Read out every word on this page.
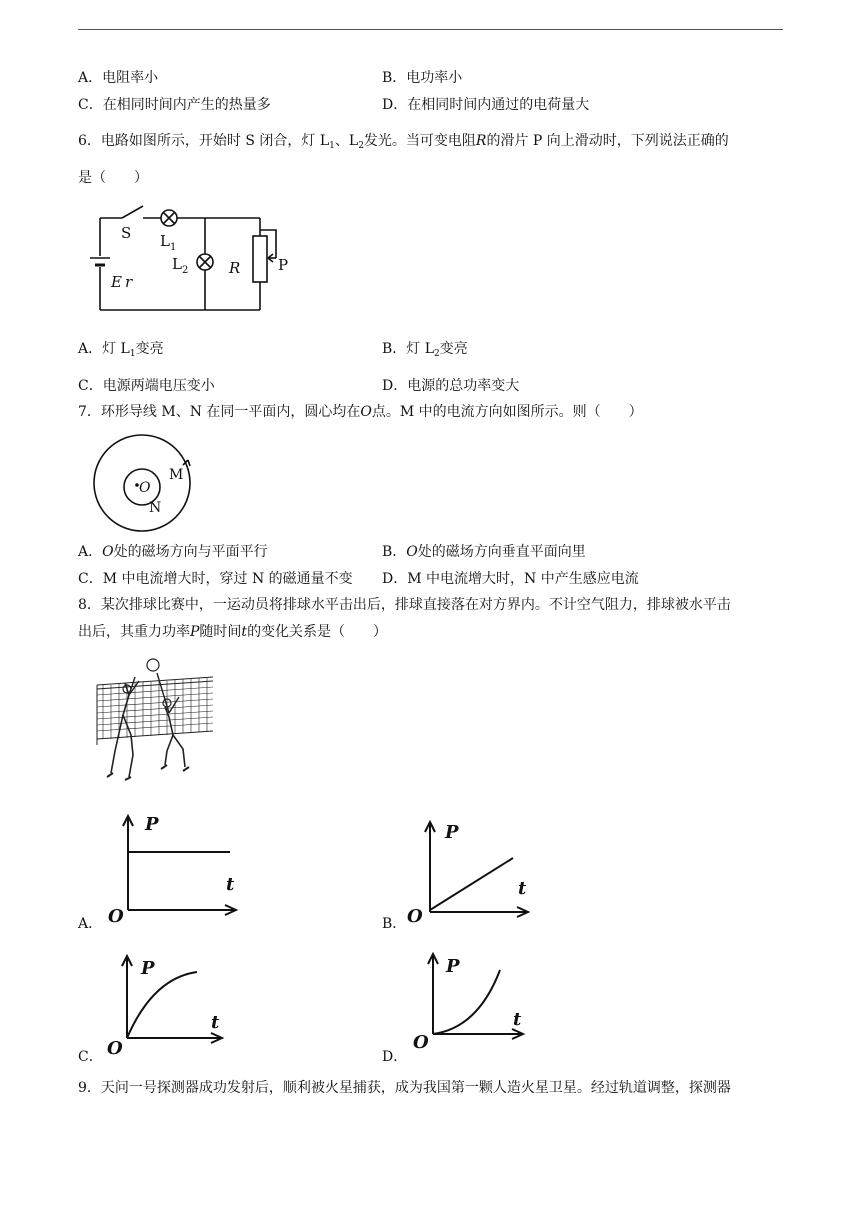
A．电阻率小	B．电功率小
C．在相同时间内产生的热量多	D．在相同时间内通过的电荷量大
6．电路如图所示，开始时 S 闭合，灯 $L_1$、$L_2$发光。当可变电阻R的滑片 P 向上滑动时，下列说法正确的
是（　　）
S $L_1$
$L_2$	R	P
E r
A．灯 $L_1$变亮	B．灯 $L_2$变亮
C．电源两端电压变小	D．电源的总功率变大
7．环形导线 M、N 在同一平面内，圆心均在O点。M 中的电流方向如图所示。则（　　）
O
M
N
A．O处的磁场方向与平面平行	B．O处的磁场方向垂直平面向里
C．M 中电流增大时，穿过 N 的磁通量不变 D．M 中电流增大时，N 中产生感应电流
8．某次排球比赛中，一运动员将排球水平击出后，排球直接落在对方界内。不计空气阻力，排球被水平击
出后，其重力功率P随时间t的变化关系是（　　）
P
t
O
A．
P
t
O
B．
P
t
O
C．
P
t
O
D．
9．天问一号探测器成功发射后，顺利被火星捕获，成为我国第一颗人造火星卫星。经过轨道调整，探测器
